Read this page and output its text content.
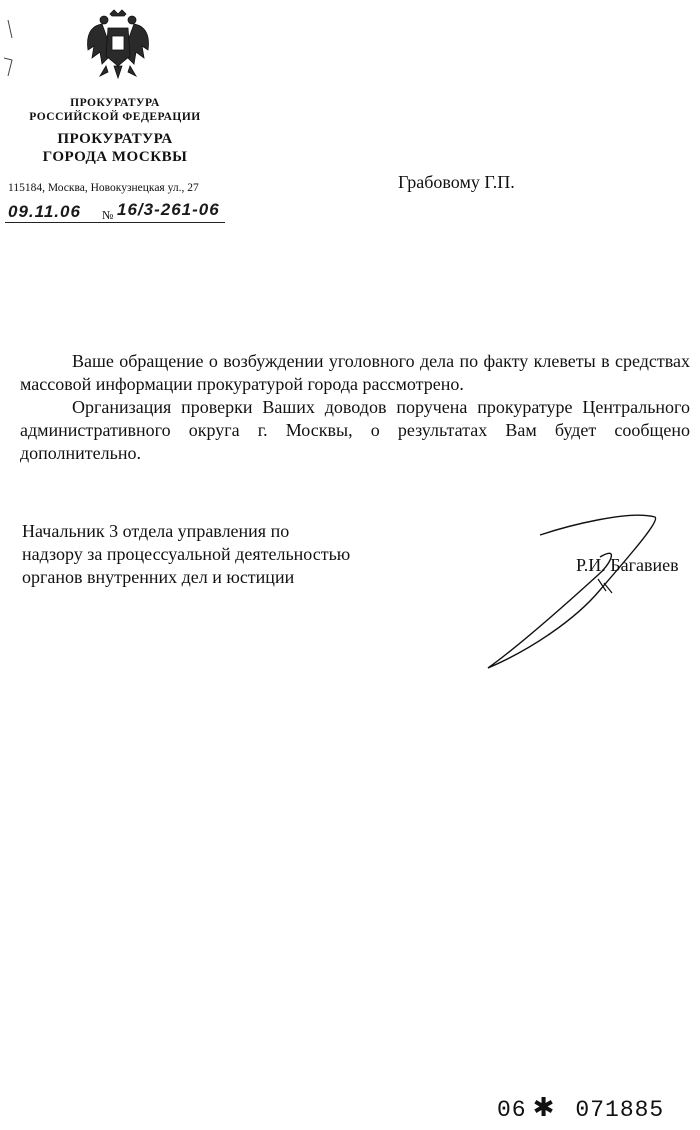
ПРОКУРАТУРА
РОССИЙСКОЙ ФЕДЕРАЦИИ
ПРОКУРАТУРА
ГОРОДА МОСКВЫ
115184, Москва, Новокузнецкая ул., 27
09.11.06 № 16/3-261-06
Грабовому Г.П.

Ваше обращение о возбуждении уголовного дела по факту клеветы в средствах массовой информации прокуратурой города рассмотрено.

Организация проверки Ваших доводов поручена прокуратуре Центрального административного округа г. Москвы, о результатах Вам будет сообщено дополнительно.

Начальник 3 отдела управления по
надзору за процессуальной деятельностью
органов внутренних дел и юстиции
Р.И. Багавиев
06 ✱ 071885
